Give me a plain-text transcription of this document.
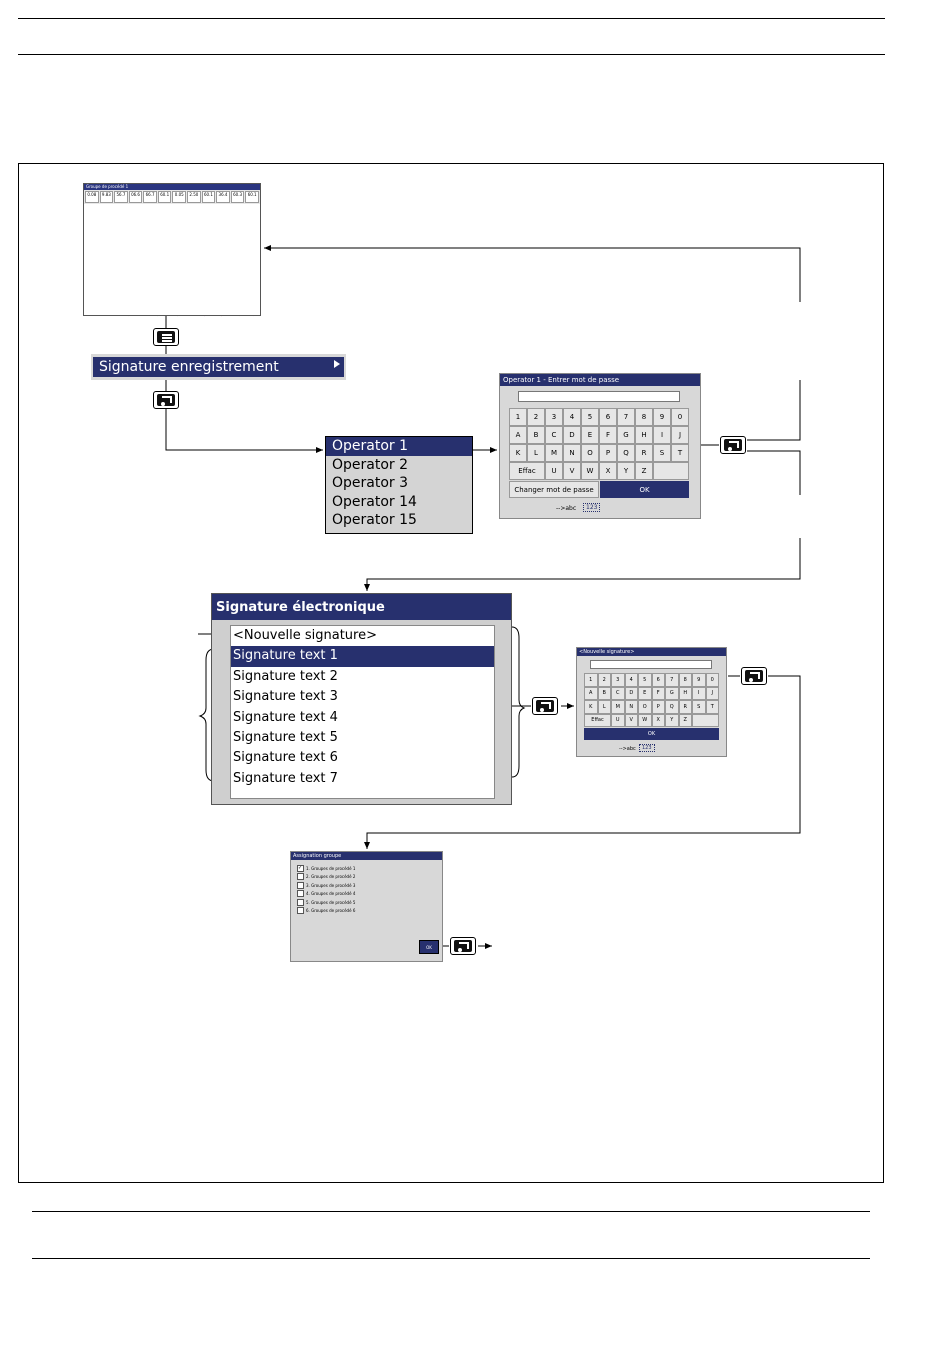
Groupe de procédé 1
0.08	9.83	56.7	06.6	66.7	60.1	0.05	2.50	60.1	36.4	60.3	60.1
Signature enregistrement
Operator 1
Operator 2
Operator 3
Operator 14
Operator 15
Operator 1 - Entrer mot de passe
1	2	3	4	5	6	7	8	9	0
A	B	C	D	E	F	G	H	I	J
K	L	M	N	O	P	Q	R	S	T
Effac	U	V	W	X	Y	Z
Changer mot de passe	OK
-->abc	123
Signature électronique
<Nouvelle signature>
Signature text 1
Signature text 2
Signature text 3
Signature text 4
Signature text 5
Signature text 6
Signature text 7
<Nouvelle signature>
1	2	3	4	5	6	7	8	9	0
A	B	C	D	E	F	G	H	I	J
K	L	M	N	O	P	Q	R	S	T
Effac	U	V	W	X	Y	Z
OK
-->abc	123
Assignation groupe
✓ 1. Groupes de procédé 1
2. Groupes de procédé 2
3. Groupes de procédé 3
4. Groupes de procédé 4
5. Groupes de procédé 5
6. Groupes de procédé 6
OK
